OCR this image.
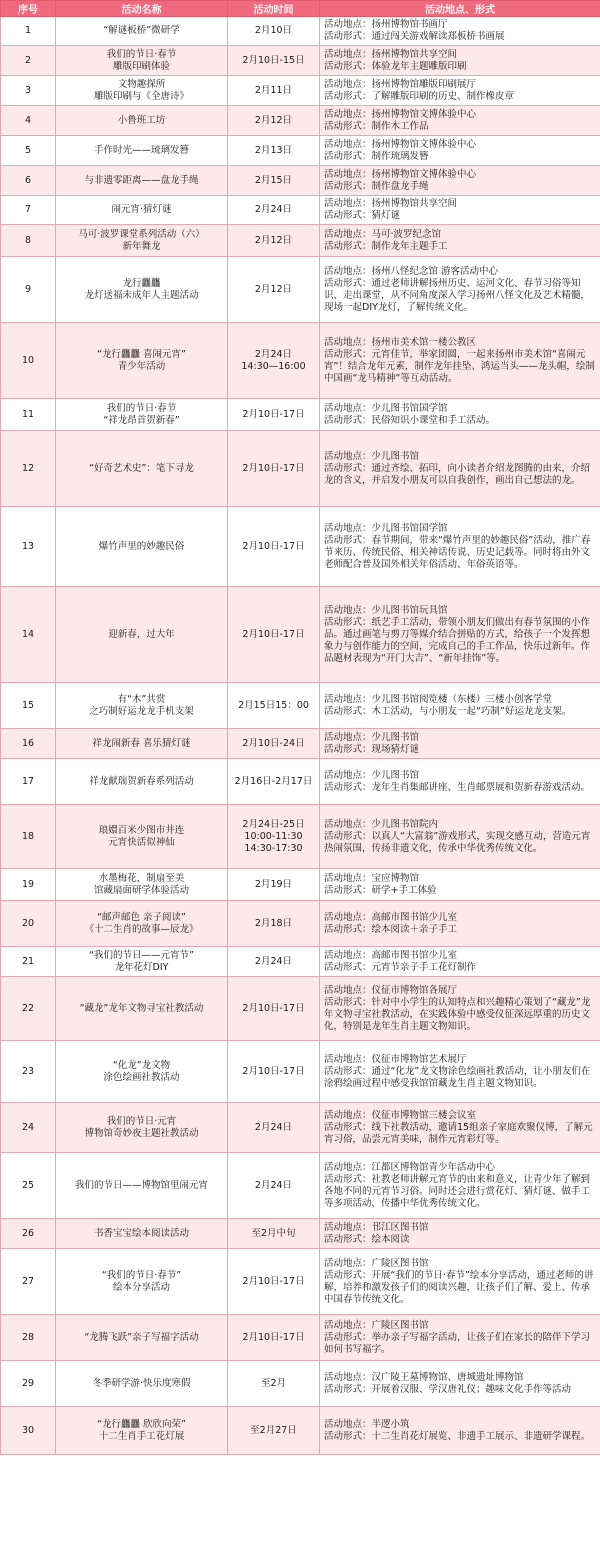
序号	活动名称	活动时间	活动地点、形式
1	“解谜板桥”微研学	2月10日	活动地点：扬州博物馆书画厅
活动形式：通过闯关游戏解读郑板桥书画展

2	我们的节日·春节
雕版印刷体验	2月10日-15日	活动地点：扬州博物馆共享空间
活动形式：体验龙年主题雕版印刷

3	文物趣探所
雕版印刷与《全唐诗》	2月11日	活动地点：扬州博物馆雕版印刷展厅
活动形式：了解雕版印刷的历史、制作橡皮章

4	小鲁班工坊	2月12日	活动地点：扬州博物馆文博体验中心
活动形式：制作木工作品

5	手作时光——琉璃发簪	2月13日	活动地点：扬州博物馆文博体验中心
活动形式：制作琉璃发簪

6	与非遗零距离——盘龙手绳	2月15日	活动地点：扬州博物馆文博体验中心
活动形式：制作盘龙手绳

7	闹元宵·猜灯谜	2月24日	活动地点：扬州博物馆共享空间
活动形式：猜灯谜

8	马可·波罗课堂系列活动（六）
新年舞龙	2月12日	活动地点：马可·波罗纪念馆
活动形式：制作龙年主题手工

9	龙行龘龘
龙灯送福未成年人主题活动	2月12日	活动地点：扬州八怪纪念馆 游客活动中心
活动形式：通过老师讲解扬州历史、运河文化、春节习俗等知识，走出课堂，从不同角度深入学习扬州八怪文化及艺术精髓，现场一起DIY龙灯，了解传统文化。

10	“龙行龘龘 喜闹元宵”
青少年活动	2月24日
14:30—16:00	活动地点：扬州市美术馆一楼公教区
活动形式：元宵佳节，举家团圆，一起来扬州市美术馆“喜闹元宵”！结合龙年元素，制作龙年挂坠、鸿运当头——龙头帽，绘制中国画“龙马精神”等互动活动。

11	我们的节日·春节
“祥龙昂首贺新春”	2月10日-17日	活动地点：少儿图书馆国学馆
活动形式：民俗知识小课堂和手工活动。

12	“好奇艺术史”：笔下寻龙	2月10日-17日	活动地点：少儿图书馆
活动形式：通过齐绘、拓印，向小读者介绍龙图腾的由来，介绍龙的含义，并启发小朋友可以自我创作，画出自己想法的龙。

13	爆竹声里的妙趣民俗	2月10日-17日	活动地点：少儿图书馆国学馆
活动形式：春节期间，带来“爆竹声里的妙趣民俗”活动，推广春节来历、传统民俗、相关神话传说、历史记载等。同时将由外文老师配合普及国外相关年俗活动、年俗英语等。

14	迎新春，过大年	2月10日-17日	活动地点：少儿图书馆玩具馆
活动形式：纸艺手工活动，带领小朋友们做出有春节氛围的小作品。通过画笔与剪刀等媒介结合拼贴的方式，给孩子一个发挥想象力与创作能力的空间，完成自己的手工作品，快乐过新年。作品题材表现为“开门大吉”、“新年挂饰”等。

15	有“木”共赏
之巧制好运龙龙手机支架	2月15日15：00	活动地点：少儿图书馆阅览楼（东楼）三楼小创客学堂
活动形式：木工活动，与小朋友一起“巧制”好运龙龙支架。

16	祥龙闹新春 喜乐猜灯谜	2月10日-24日	活动地点：少儿图书馆
活动形式：现场猜灯谜

17	祥龙献瑞贺新春系列活动	2月16日-2月17日	活动地点：少儿图书馆
活动形式：龙年生肖集邮讲座、生肖邮票展和贺新春游戏活动。

18	琅嬛百米少图市井连
元宵快活似神仙	2月24日-25日
10:00-11:30
14:30-17:30	活动地点：少儿图书馆院内
活动形式：以真人“大富翁”游戏形式，实现交感互动，营造元宵热闹氛围，传扬非遗文化，传承中华优秀传统文化。

19	水墨梅花，制扇至美
馆藏扇面研学体验活动	2月19日	活动地点：宝应博物馆
活动形式：研学+手工体验

20	“邮声邮色 亲子阅读”
《十二生肖的故事—辰龙》	2月18日	活动地点：高邮市图书馆少儿室
活动形式：绘本阅读＋亲子手工

21	“我们的节日——元宵节”
龙年花灯DIY	2月24日	活动地点：高邮市图书馆少儿室
活动形式：元宵节亲子手工花灯制作

22	“藏龙”龙年文物寻宝社教活动	2月10日-17日	活动地点：仪征市博物馆各展厅
活动形式：针对中小学生的认知特点和兴趣精心策划了“藏龙”龙年文物寻宝社教活动，在实践体验中感受仪征深远厚重的历史文化，特别是龙年生肖主题文物知识。

23	“化龙”龙文物
涂色绘画社教活动	2月10日-17日	活动地点：仪征市博物馆艺术展厅
活动形式：通过“化龙”龙文物涂色绘画社教活动，让小朋友们在涂鸦绘画过程中感受我馆馆藏龙生肖主题文物知识。

24	我们的节日·元宵
博物馆奇妙夜主题社教活动	2月24日	活动地点：仪征市博物馆三楼会议室
活动形式：线下社教活动，邀请15组亲子家庭欢聚仪博，了解元宵习俗，品尝元宵美味，制作元宵彩灯等。

25	我们的节日——博物馆里闹元宵	2月24日	活动地点：江都区博物馆青少年活动中心
活动形式：社教老师讲解元宵节的由来和意义，让青少年了解到各地不同的元宵节习俗。同时还会进行赏花灯、猜灯谜、做手工等多项活动，传播中华优秀传统文化。

26	书香宝宝绘本阅读活动	至2月中旬	活动地点：邗江区图书馆
活动形式：绘本阅读

27	“我们的节日·春节”
绘本分享活动	2月10日-17日	活动地点：广陵区图书馆
活动形式：开展“我们的节日·春节”绘本分享活动，通过老师的讲解，培养和激发孩子们的阅读兴趣，让孩子们了解、爱上、传承中国春节传统文化。

28	“龙腾飞跃”亲子写福字活动	2月10日-17日	活动地点：广陵区图书馆
活动形式：举办亲子写福字活动，让孩子们在家长的陪伴下学习如何书写福字。

29	冬季研学游·快乐度寒假	至2月	活动地点：汉广陵王墓博物馆、唐城遗址博物馆
活动形式：开展着汉服、学汉唐礼仪；趣味文化手作等活动

30	“龙行龘龘 欣欣向荣”
十二生肖手工花灯展	至2月27日	活动地点：半逻小筑
活动形式：十二生肖花灯展览、非遗手工展示、非遗研学课程。
